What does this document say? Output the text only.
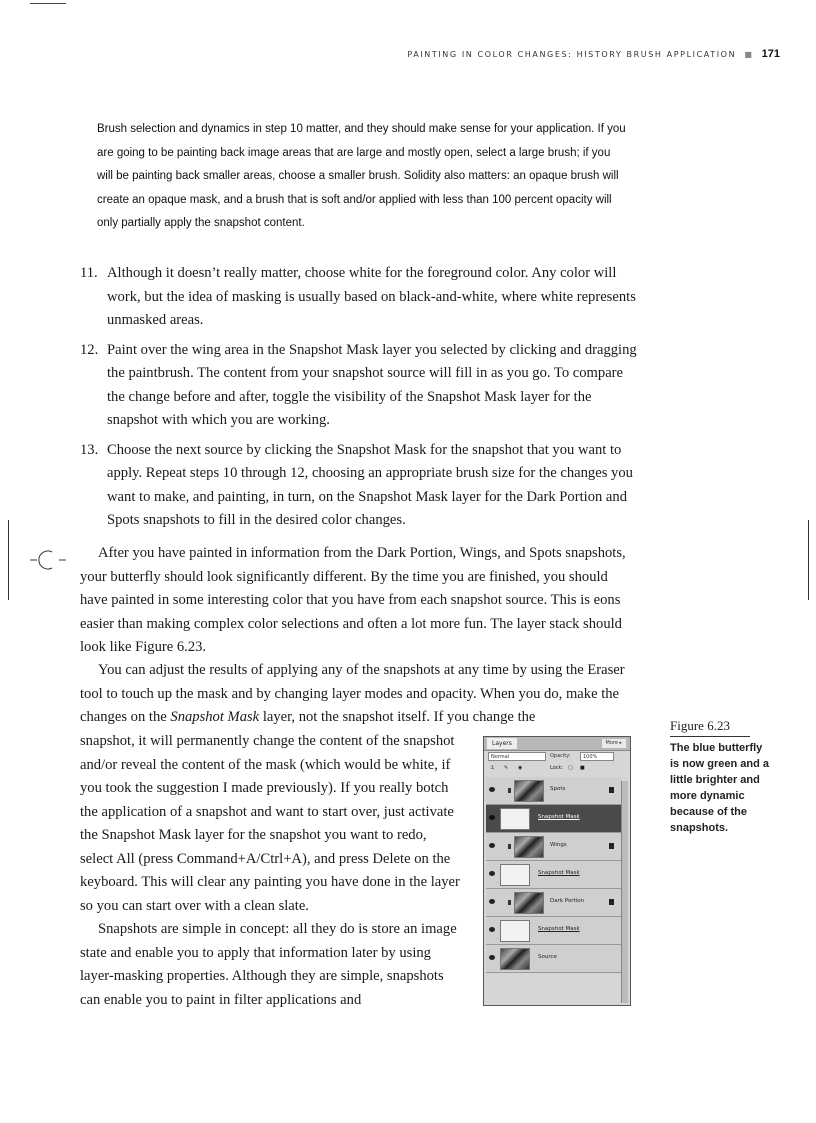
PAINTING IN COLOR CHANGES: HISTORY BRUSH APPLICATION ■ 171
Brush selection and dynamics in step 10 matter, and they should make sense for your application. If you are going to be painting back image areas that are large and mostly open, select a large brush; if you will be painting back smaller areas, choose a smaller brush. Solidity also matters: an opaque brush will create an opaque mask, and a brush that is soft and/or applied with less than 100 percent opacity will only partially apply the snapshot content.
11. Although it doesn’t really matter, choose white for the foreground color. Any color will work, but the idea of masking is usually based on black-and-white, where white represents unmasked areas.
12. Paint over the wing area in the Snapshot Mask layer you selected by clicking and dragging the paintbrush. The content from your snapshot source will fill in as you go. To compare the change before and after, toggle the visibility of the Snapshot Mask layer for the snapshot with which you are working.
13. Choose the next source by clicking the Snapshot Mask for the snapshot that you want to apply. Repeat steps 10 through 12, choosing an appropriate brush size for the changes you want to make, and painting, in turn, on the Snapshot Mask layer for the Dark Portion and Spots snapshots to fill in the desired color changes.

After you have painted in information from the Dark Portion, Wings, and Spots snapshots, your butterfly should look significantly different. By the time you are finished, you should have painted in some interesting color that you have from each snapshot source. This is eons easier than making complex color selections and often a lot more fun. The layer stack should look like Figure 6.23.

You can adjust the results of applying any of the snapshots at any time by using the Eraser tool to touch up the mask and by changing layer modes and opacity. When you do, make the changes on the Snapshot Mask layer, not the snapshot itself. If you change the

snapshot, it will permanently change the content of the snapshot and/or reveal the content of the mask (which would be white, if you took the suggestion I made previously). If you really botch the application of a snapshot and want to start over, just activate the Snapshot Mask layer for the snapshot you want to redo, select All (press Command+A/Ctrl+A), and press Delete on the keyboard. This will clear any painting you have done in the layer so you can start over with a clean slate.

Snapshots are simple in concept: all they do is store an image state and enable you to apply that information later by using layer-masking properties. Although they are simple, snapshots can enable you to paint in filter applications and

Figure 6.23
The blue butterfly is now green and a little brighter and more dynamic because of the snapshots.
Layers	More ▸
Normal	Opacity:	100%
⚓ ✎ ◉	Lock: ▢ ■
Spots
Snapshot Mask
Wings
Snapshot Mask
Dark Portion
Snapshot Mask
Source
